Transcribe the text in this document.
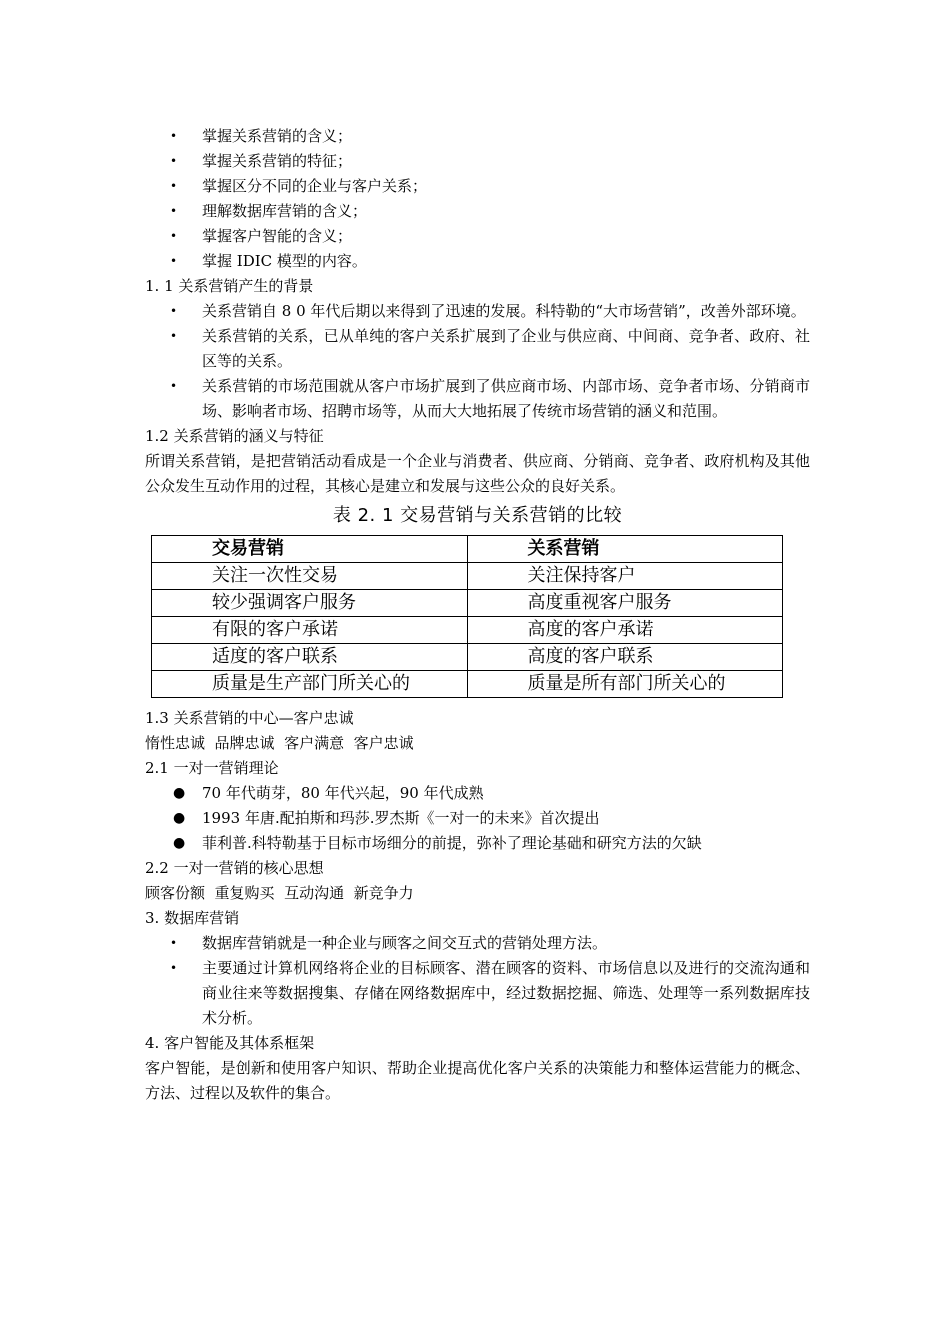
• 掌握关系营销的含义；
• 掌握关系营销的特征；
• 掌握区分不同的企业与客户关系；
• 理解数据库营销的含义；
• 掌握客户智能的含义；
• 掌握 IDIC 模型的内容。
1. 1 关系营销产生的背景
• 关系营销自 8 0 年代后期以来得到了迅速的发展。科特勒的“大市场营销”，改善外部环境。
• 关系营销的关系，已从单纯的客户关系扩展到了企业与供应商、中间商、竞争者、政府、社区等的关系。
• 关系营销的市场范围就从客户市场扩展到了供应商市场、内部市场、竞争者市场、分销商市场、影响者市场、招聘市场等，从而大大地拓展了传统市场营销的涵义和范围。
1.2 关系营销的涵义与特征
所谓关系营销，是把营销活动看成是一个企业与消费者、供应商、分销商、竞争者、政府机构及其他公众发生互动作用的过程，其核心是建立和发展与这些公众的良好关系。
表 2. 1 交易营销与关系营销的比较
交易营销	关系营销
关注一次性交易	关注保持客户
较少强调客户服务	高度重视客户服务
有限的客户承诺	高度的客户承诺
适度的客户联系	高度的客户联系
质量是生产部门所关心的	质量是所有部门所关心的
1.3 关系营销的中心—客户忠诚
惰性忠诚  品牌忠诚  客户满意  客户忠诚
2.1 一对一营销理论
● 70 年代萌芽，80 年代兴起，90 年代成熟
● 1993 年唐.配拍斯和玛莎.罗杰斯《一对一的未来》首次提出
● 菲利普.科特勒基于目标市场细分的前提，弥补了理论基础和研究方法的欠缺
2.2 一对一营销的核心思想
顾客份额  重复购买  互动沟通  新竞争力
3. 数据库营销
• 数据库营销就是一种企业与顾客之间交互式的营销处理方法。
• 主要通过计算机网络将企业的目标顾客、潜在顾客的资料、市场信息以及进行的交流沟通和商业往来等数据搜集、存储在网络数据库中，经过数据挖掘、筛选、处理等一系列数据库技术分析。
4. 客户智能及其体系框架
客户智能，是创新和使用客户知识、帮助企业提高优化客户关系的决策能力和整体运营能力的概念、方法、过程以及软件的集合。
